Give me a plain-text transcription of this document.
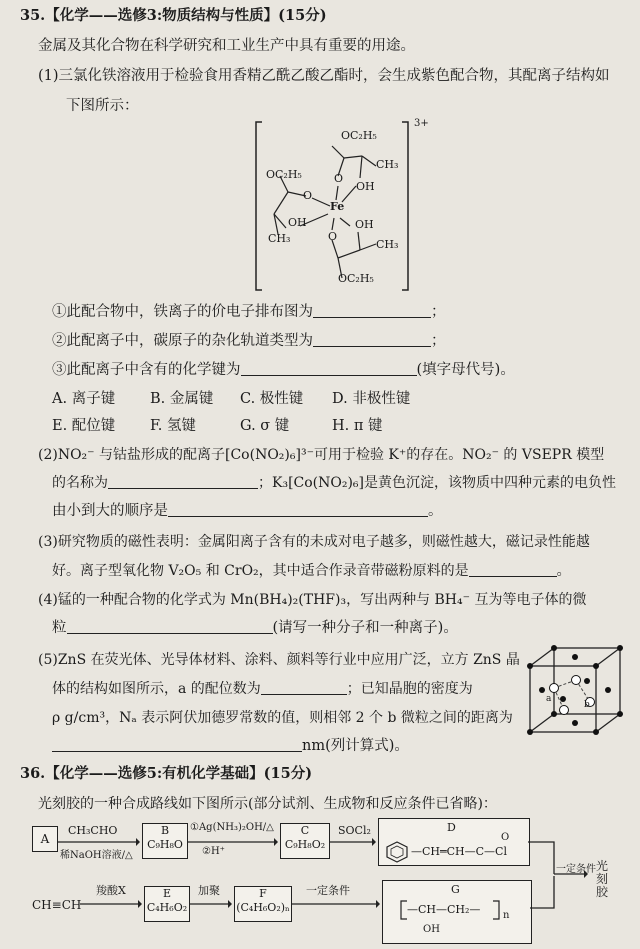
35.【化学——选修3:物质结构与性质】(15分)
金属及其化合物在科学研究和工业生产中具有重要的用途。
(1)三氯化铁溶液用于检验食用香精乙酰乙酸乙酯时，会生成紫色配合物，其配离子结构如
下图所示：
OC₂H₅
CH₃
O
OH
OC₂H₅
O
Fe
OH
CH₃
OH
O
CH₃
OC₂H₅
3+
①此配合物中，铁离子的价电子排布图为	；
②此配离子中，碳原子的杂化轨道类型为	；
③此配离子中含有的化学键为	(填字母代号)。
A. 离子键 B. 金属键 C. 极性键 D. 非极性键
E. 配位键 F. 氢键	G. σ 键	H. π 键
(2)NO₂⁻ 与钴盐形成的配离子[Co(NO₂)₆]³⁻可用于检验 K⁺的存在。NO₂⁻ 的 VSEPR 模型
的名称为	；K₃[Co(NO₂)₆]是黄色沉淀，该物质中四种元素的电负性
由小到大的顺序是	。
(3)研究物质的磁性表明：金属阳离子含有的未成对电子越多，则磁性越大，磁记录性能越
好。离子型氧化物 V₂O₅ 和 CrO₂，其中适合作录音带磁粉原料的是	。
(4)锰的一种配合物的化学式为 Mn(BH₄)₂(THF)₃，写出两种与 BH₄⁻ 互为等电子体的微
粒	(请写一种分子和一种离子)。
(5)ZnS 在荧光体、光导体材料、涂料、颜料等行业中应用广泛，立方 ZnS 晶
体的结构如图所示，a 的配位数为	；已知晶胞的密度为
ρ g/cm³，Nₐ 表示阿伏加德罗常数的值，则相邻 2 个 b 微粒之间的距离为
nm(列计算式)。
a
b
36.【化学——选修5:有机化学基础】(15分)
光刻胶的一种合成路线如下图所示(部分试剂、生成物和反应条件已省略)：
A
CH₃CHO
稀NaOH溶液/△
B
C₉H₈O
①Ag(NH₃)₂OH/△
②H⁺
C
C₉H₈O₂
SOCl₂	D
O
—CH═CH—C—Cl
一定条件 光
刻
胶
CH≡CH
羧酸X	E
C₄H₆O₂
加聚	F
(C₄H₆O₂)ₙ
一定条件	G
—CH—CH₂— n
OH
